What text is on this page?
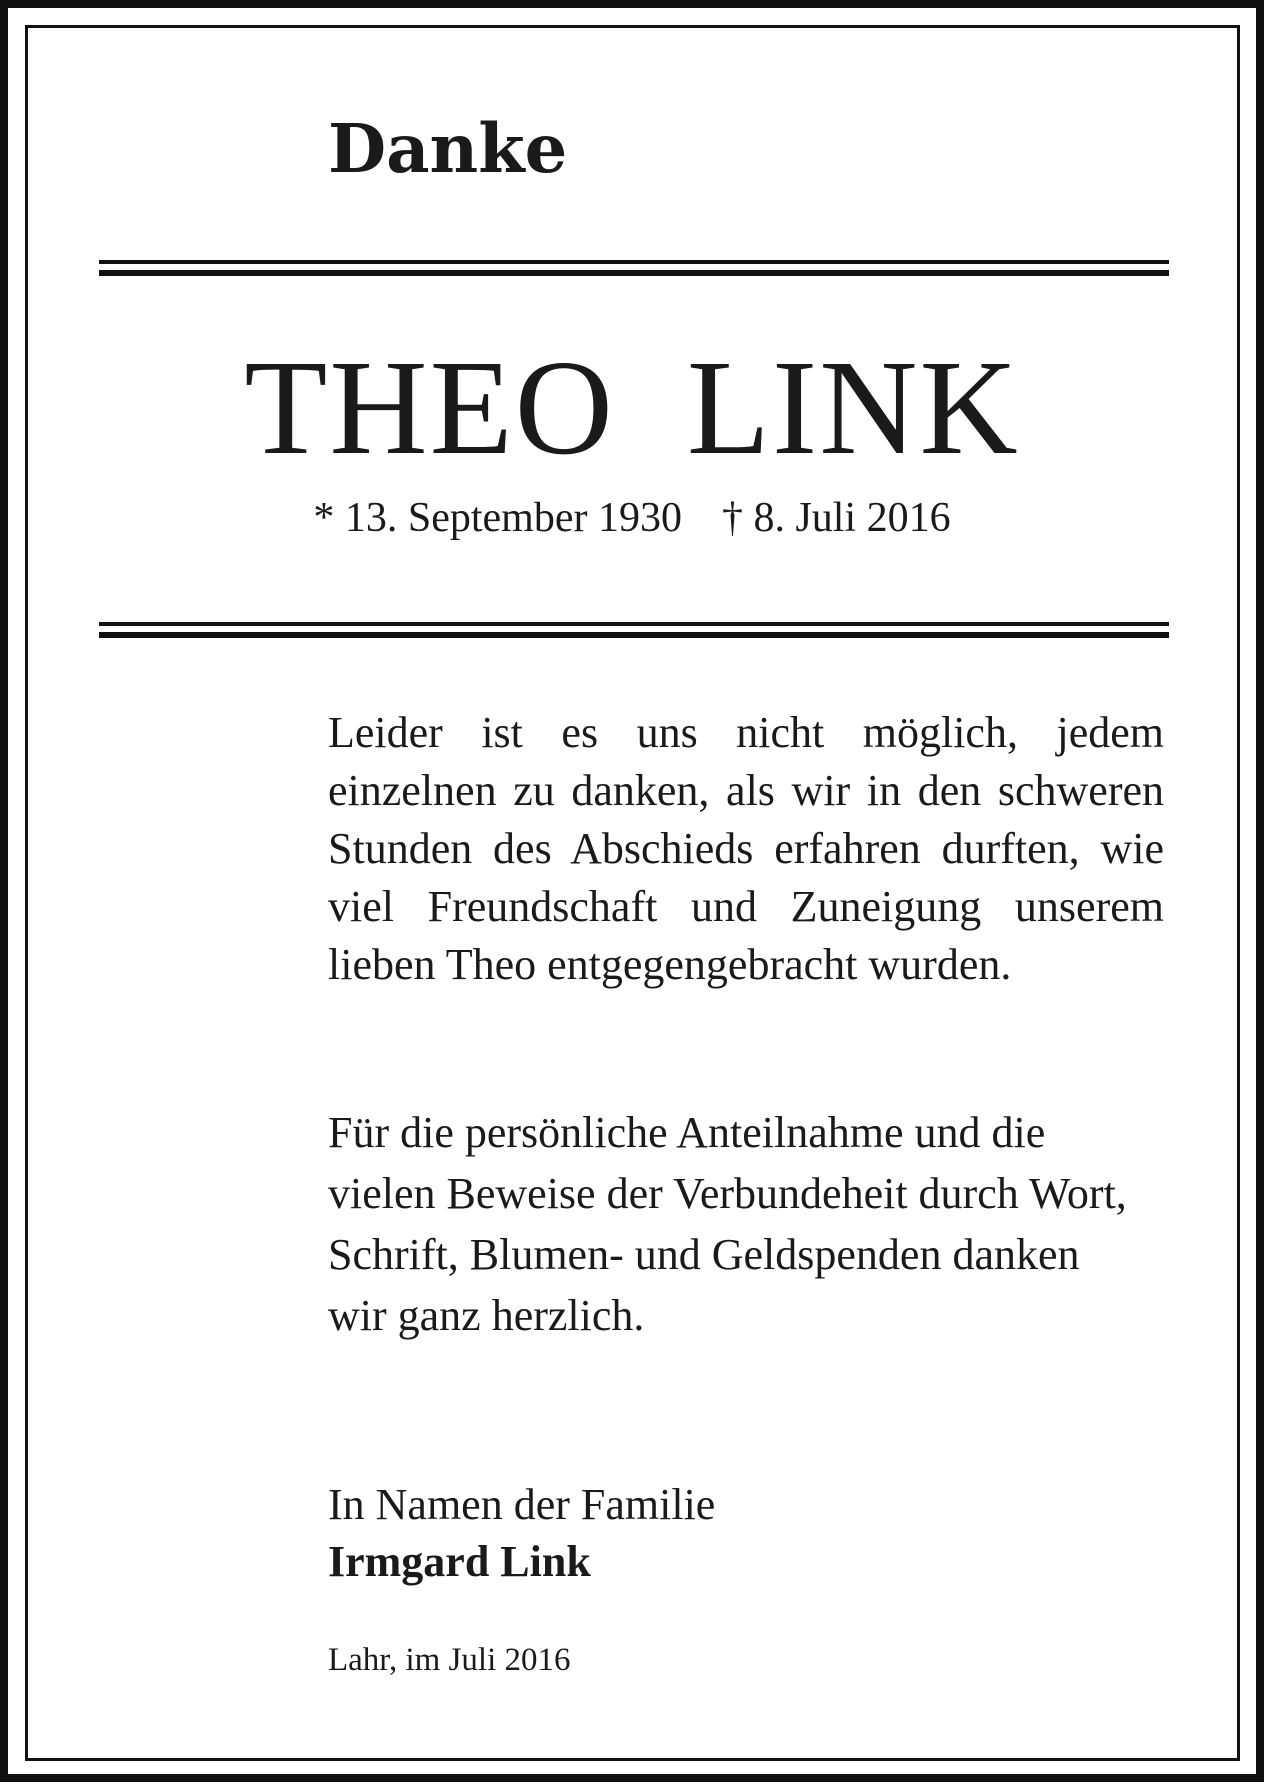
Danke
THEO  LINK
* 13. September 1930 † 8. Juli 2016
Leider ist es uns nicht möglich, jedem einzelnen zu danken, als wir in den schweren Stunden des Abschieds erfahren durften, wie viel Freundschaft und Zuneigung unserem lieben Theo entgegengebracht wurden.
Für die persönliche Anteilnahme und die vielen Beweise der Verbundeheit durch Wort, Schrift, Blumen- und Geldspenden danken wir ganz herzlich.
In Namen der Familie
Irmgard Link
Lahr, im Juli 2016
